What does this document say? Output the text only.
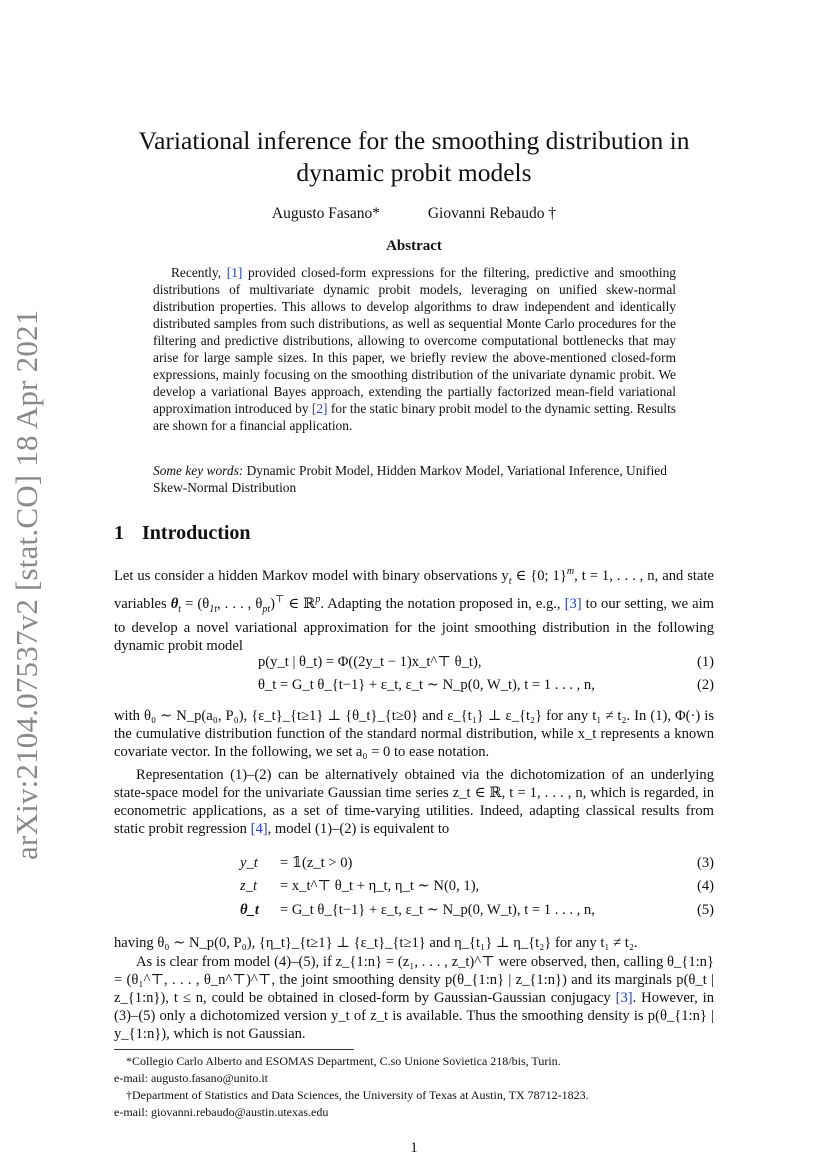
arXiv:2104.07537v2 [stat.CO] 18 Apr 2021
Variational inference for the smoothing distribution in
dynamic probit models
Augusto Fasano*	Giovanni Rebaudo †
Abstract
Recently, [1] provided closed-form expressions for the filtering, predictive and smoothing distributions of multivariate dynamic probit models, leveraging on unified skew-normal distribution properties. This allows to develop algorithms to draw independent and identically distributed samples from such distributions, as well as sequential Monte Carlo procedures for the filtering and predictive distributions, allowing to overcome computational bottlenecks that may arise for large sample sizes. In this paper, we briefly review the above-mentioned closed-form expressions, mainly focusing on the smoothing distribution of the univariate dynamic probit. We develop a variational Bayes approach, extending the partially factorized mean-field variational approximation introduced by [2] for the static binary probit model to the dynamic setting. Results are shown for a financial application.
Some key words: Dynamic Probit Model, Hidden Markov Model, Variational Inference, Unified Skew-Normal Distribution
1 Introduction
Let us consider a hidden Markov model with binary observations $y_t$ ∈ {0; 1}$^m$, t = 1, . . . , n, and state variables $\theta_t = (\theta_{1t}$, . . . , $\theta_{pt})^⊤$ ∈ ℝ$^p$. Adapting the notation proposed in, e.g., [3] to our setting, we aim to develop a novel variational approximation for the joint smoothing distribution in the following dynamic probit model
p(y_t | θ_t) = Φ((2y_t − 1)x_t^⊤ θ_t),	(1)
θ_t = G_t θ_{t−1} + ε_t, ε_t ∼ N_p(0, W_t), t = 1 . . . , n,	(2)
with θ₀ ∼ N_p(a₀, P₀), {ε_t}_{t≥1} ⊥ {θ_t}_{t≥0} and ε_{t₁} ⊥ ε_{t₂} for any t₁ ≠ t₂. In (1), Φ(·) is the cumulative distribution function of the standard normal distribution, while x_t represents a known covariate vector. In the following, we set a₀ = 0 to ease notation.
Representation (1)–(2) can be alternatively obtained via the dichotomization of an underlying state-space model for the univariate Gaussian time series z_t ∈ ℝ, t = 1, . . . , n, which is regarded, in econometric applications, as a set of time-varying utilities. Indeed, adapting classical results from static probit regression [4], model (1)–(2) is equivalent to
y_t = 𝟙(z_t > 0)	(3)
z_t = x_t^⊤ θ_t + η_t, η_t ∼ N(0, 1),	(4)
θ_t = G_t θ_{t−1} + ε_t, ε_t ∼ N_p(0, W_t), t = 1 . . . , n,	(5)
having θ₀ ∼ N_p(0, P₀), {η_t}_{t≥1} ⊥ {ε_t}_{t≥1} and η_{t₁} ⊥ η_{t₂} for any t₁ ≠ t₂.
As is clear from model (4)–(5), if z_{1:n} = (z₁, . . . , z_t)^⊤ were observed, then, calling θ_{1:n} = (θ₁^⊤, . . . , θ_n^⊤)^⊤, the joint smoothing density p(θ_{1:n} | z_{1:n}) and its marginals p(θ_t | z_{1:n}), t ≤ n, could be obtained in closed-form by Gaussian-Gaussian conjugacy [3]. However, in (3)–(5) only a dichotomized version y_t of z_t is available. Thus the smoothing density is p(θ_{1:n} | y_{1:n}), which is not Gaussian.
*Collegio Carlo Alberto and ESOMAS Department, C.so Unione Sovietica 218/bis, Turin.
e-mail: augusto.fasano@unito.it
†Department of Statistics and Data Sciences, the University of Texas at Austin, TX 78712-1823.
e-mail: giovanni.rebaudo@austin.utexas.edu
1
